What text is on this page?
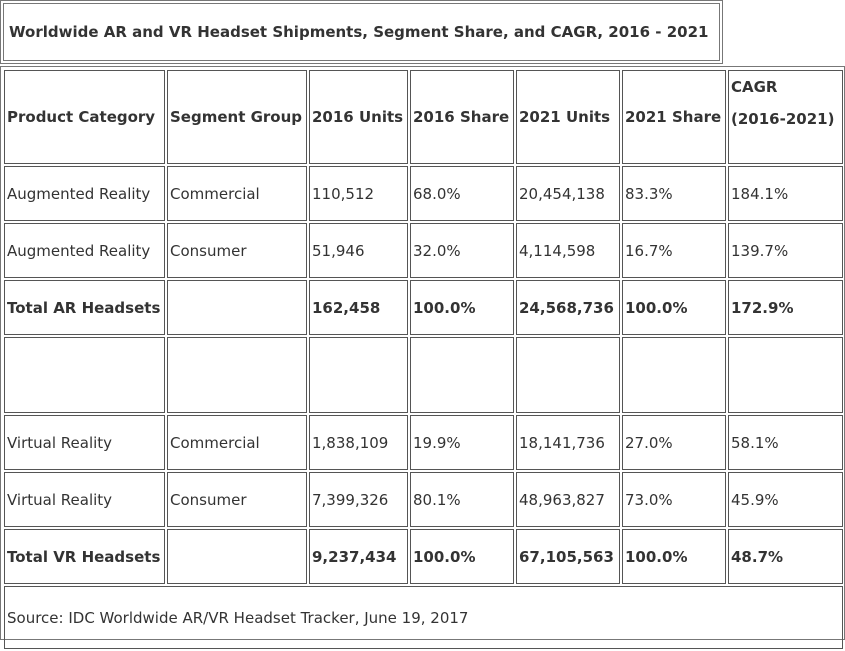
Worldwide AR and VR Headset Shipments, Segment Share, and CAGR, 2016 - 2021
Product Category	Segment Group	2016 Units	2016 Share	2021 Units	2021 Share	CAGR
(2016-2021)

Augmented Reality	Commercial	110,512	68.0%	20,454,138	83.3%	184.1%
Augmented Reality	Consumer	51,946	32.0%	4,114,598	16.7%	139.7%
Total AR Headsets		162,458	100.0%	24,568,736	100.0%	172.9%

Virtual Reality	Commercial	1,838,109	19.9%	18,141,736	27.0%	58.1%
Virtual Reality	Consumer	7,399,326	80.1%	48,963,827	73.0%	45.9%
Total VR Headsets		9,237,434	100.0%	67,105,563	100.0%	48.7%
Source: IDC Worldwide AR/VR Headset Tracker, June 19, 2017						
